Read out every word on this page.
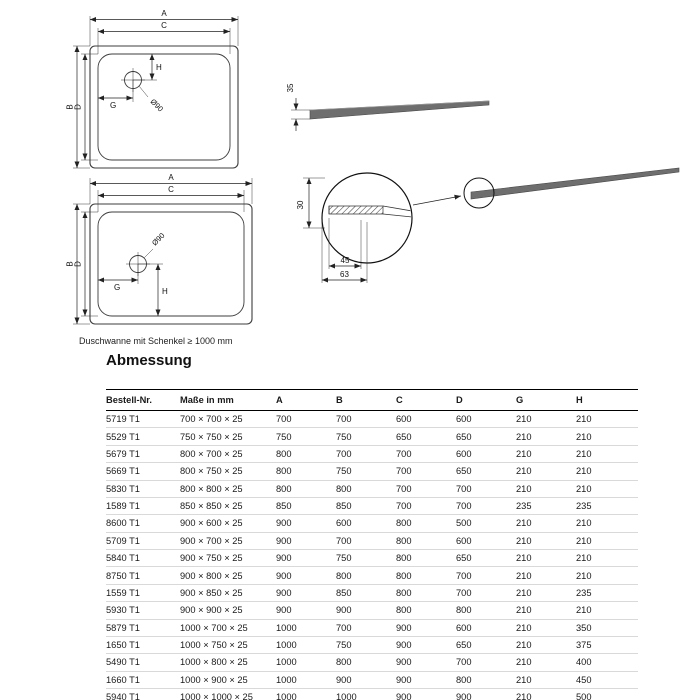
A
C
B D
H
G	Ø90
A
C
B D
G	H
Ø90
35
30
45
63
Duschwanne mit Schenkel ≥ 1000 mm
Abmessung
Bestell-Nr.	Maße in mm	A	B	C	D	G	H
5719 T1	700 × 700 × 25	700	700	600	600	210	210
5529 T1	750 × 750 × 25	750	750	650	650	210	210
5679 T1	800 × 700 × 25	800	700	700	600	210	210
5669 T1	800 × 750 × 25	800	750	700	650	210	210
5830 T1	800 × 800 × 25	800	800	700	700	210	210
1589 T1	850 × 850 × 25	850	850	700	700	235	235
8600 T1	900 × 600 × 25	900	600	800	500	210	210
5709 T1	900 × 700 × 25	900	700	800	600	210	210
5840 T1	900 × 750 × 25	900	750	800	650	210	210
8750 T1	900 × 800 × 25	900	800	800	700	210	210
1559 T1	900 × 850 × 25	900	850	800	700	210	235
5930 T1	900 × 900 × 25	900	900	800	800	210	210
5879 T1	1000 × 700 × 25	1000	700	900	600	210	350
1650 T1	1000 × 750 × 25	1000	750	900	650	210	375
5490 T1	1000 × 800 × 25	1000	800	900	700	210	400
1660 T1	1000 × 900 × 25	1000	900	900	800	210	450
5940 T1	1000 × 1000 × 25	1000	1000	900	900	210	500
